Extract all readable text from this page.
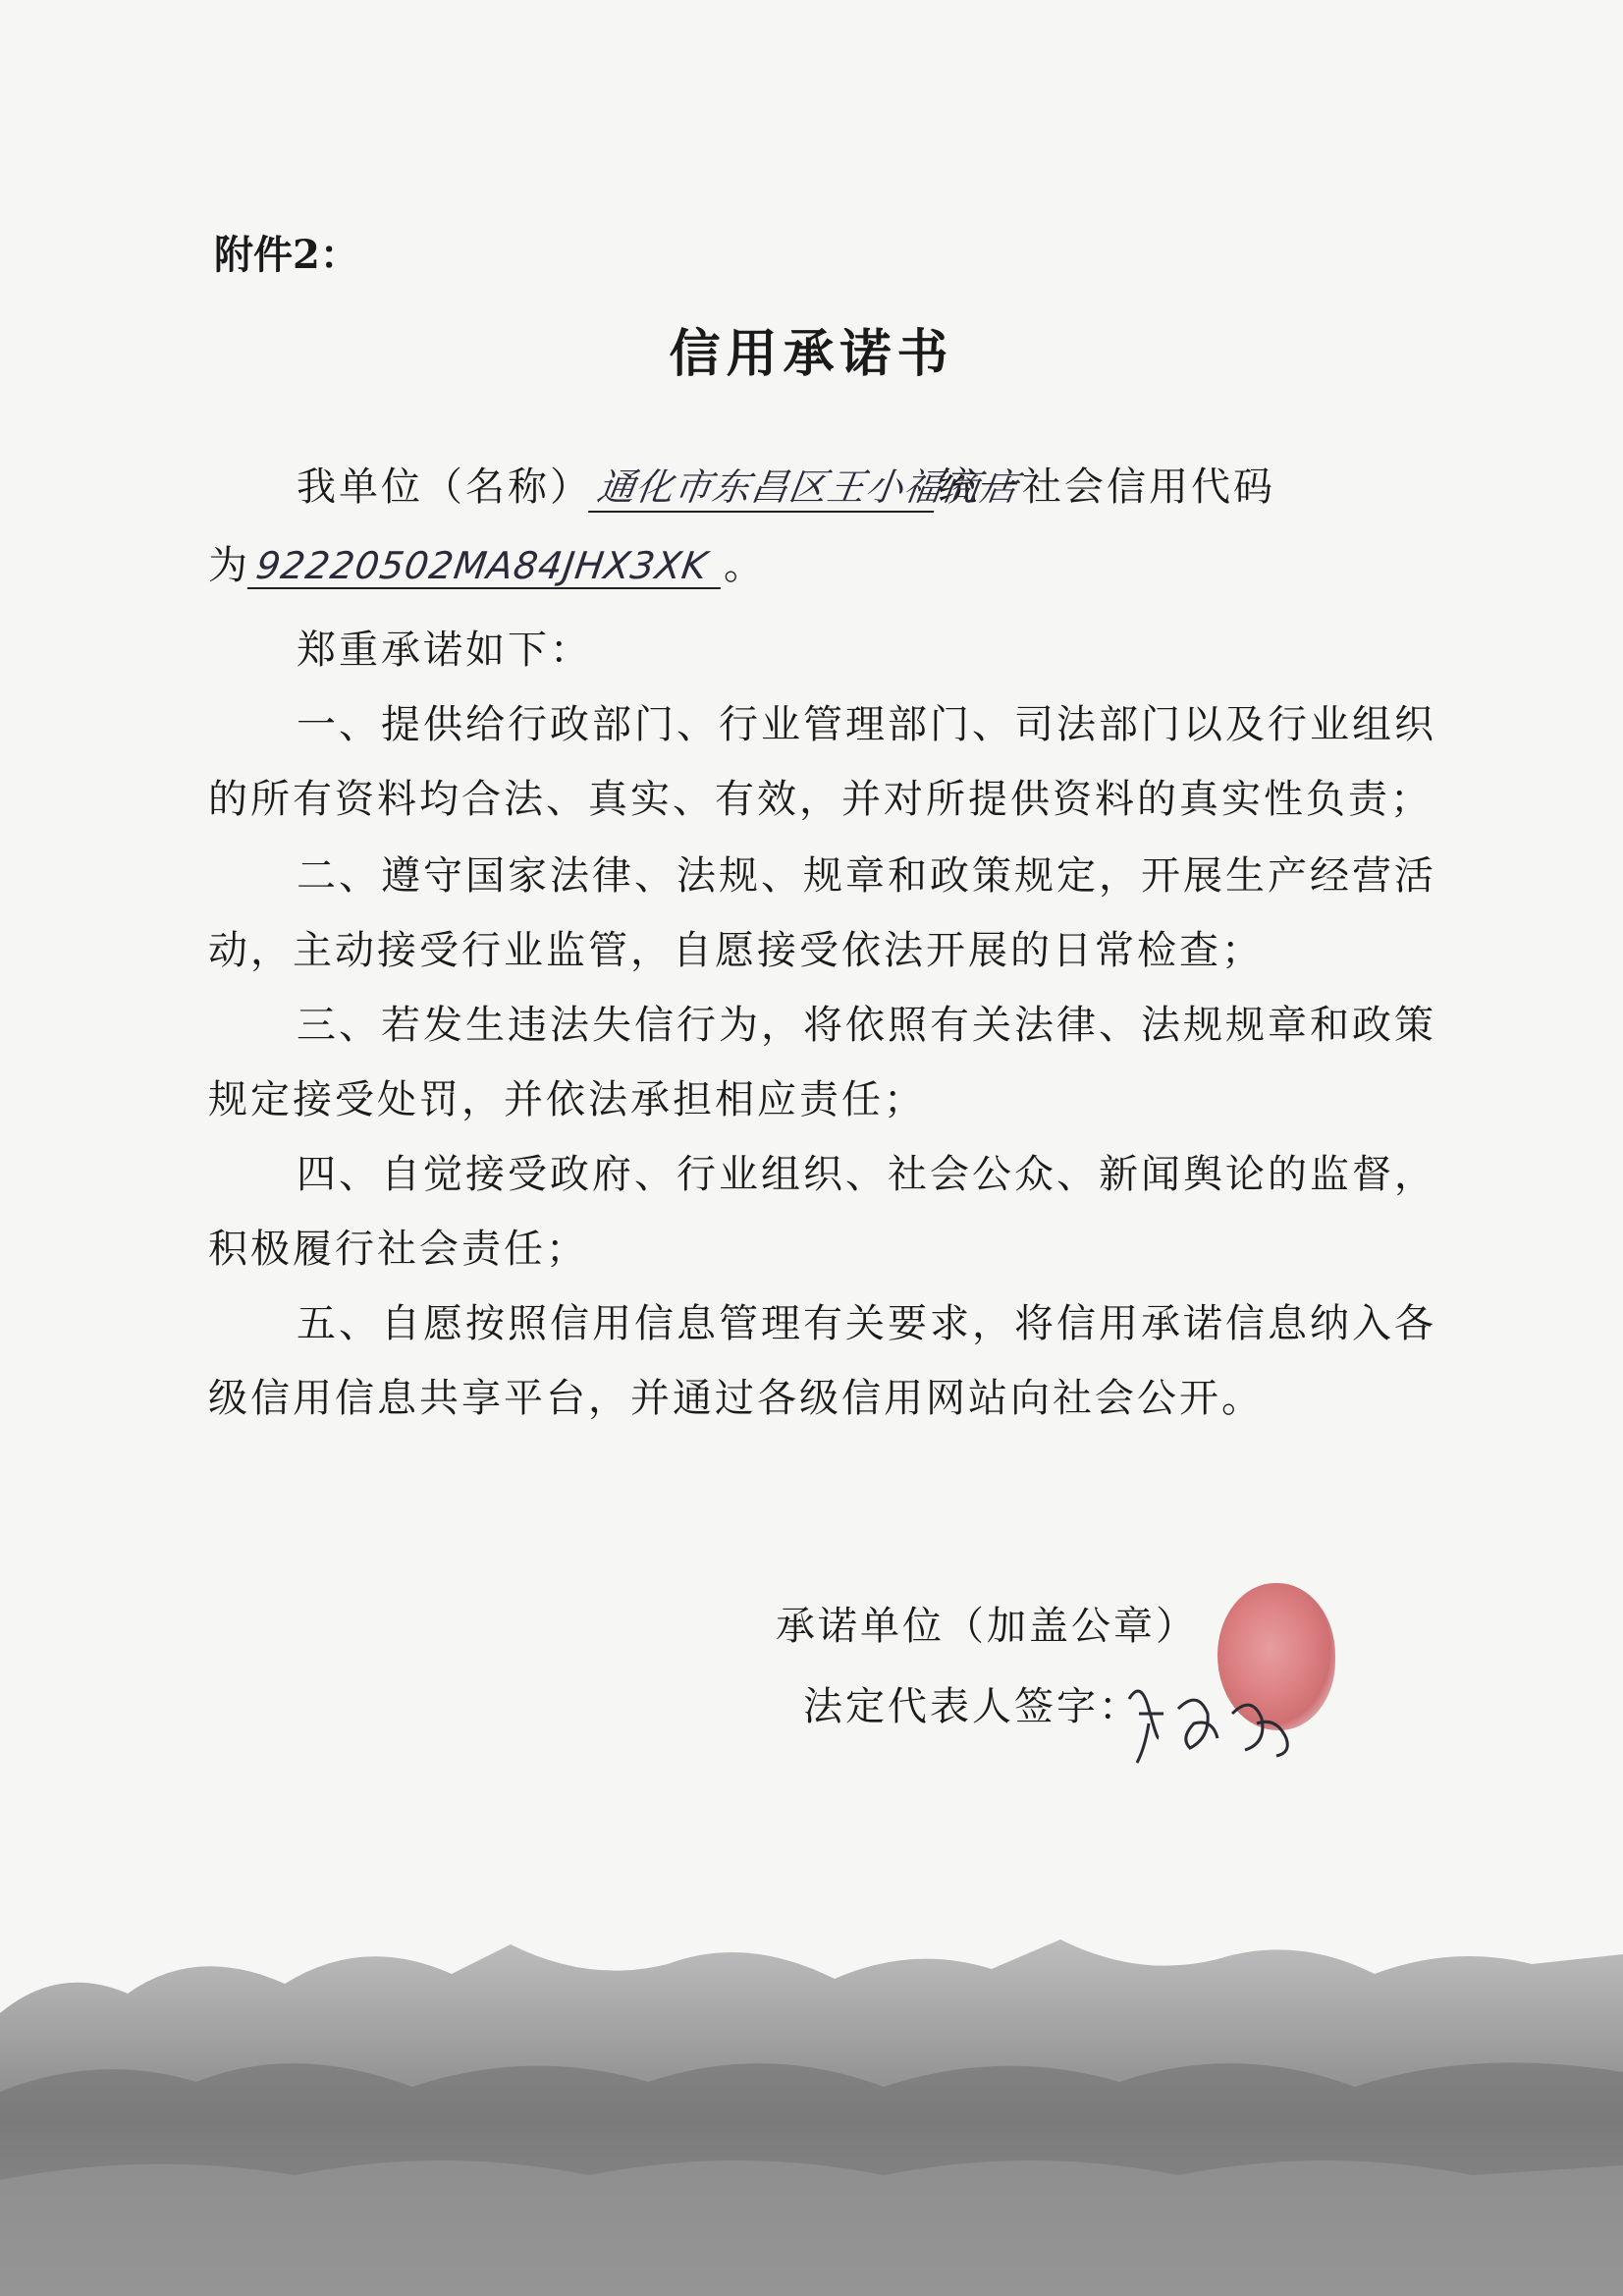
附件2：
信用承诺书
我单位（名称）通化市东昌区王小福商店统一社会信用代码
为92220502MA84JHX3XK 。
郑重承诺如下：
一、提供给行政部门、行业管理部门、司法部门以及行业组织
的所有资料均合法、真实、有效，并对所提供资料的真实性负责；
二、遵守国家法律、法规、规章和政策规定，开展生产经营活
动，主动接受行业监管，自愿接受依法开展的日常检查；
三、若发生违法失信行为，将依照有关法律、法规规章和政策
规定接受处罚，并依法承担相应责任；
四、自觉接受政府、行业组织、社会公众、新闻舆论的监督，
积极履行社会责任；
五、自愿按照信用信息管理有关要求，将信用承诺信息纳入各
级信用信息共享平台，并通过各级信用网站向社会公开。
承诺单位（加盖公章）
法定代表人签字：
